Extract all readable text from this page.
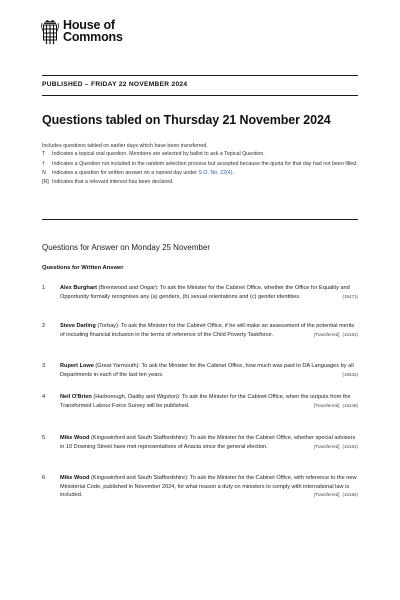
House of
Commons
PUBLISHED – FRIDAY 22 NOVEMBER 2024
Questions tabled on Thursday 21 November 2024
Includes questions tabled on earlier days which have been transferred.
T	Indicates a topical oral question. Members are selected by ballot to ask a Topical Question.
†	Indicates a Question not included in the random selection process but accepted because the quota for that day had not been filled.
N	Indicates a question for written answer on a named day under S.O. No. 22(4).
[R] Indicates that a relevant interest has been declared.
Questions for Answer on Monday 25 November
Questions for Written Answer
1	Alex Burghart (Brentwood and Ongar): To ask the Minister for the Cabinet Office, whether the Office for Equality and Opportunity formally recognises any (a) genders, (b) sexual orientations and (c) gender identities.	(15471)
2	Steve Darling (Torbay): To ask the Minister for the Cabinet Office, if he will make an assessment of the potential merits of including financial inclusion in the terms of reference of the Child Poverty Taskforce.	[Transferred] (15191)
3	Rupert Lowe (Great Yarmouth): To ask the Minister for the Cabinet Office, how much was paid to DA Languages by all Departments in each of the last ten years.	(15632)
4	Neil O'Brien (Harborough, Oadby and Wigston): To ask the Minister for the Cabinet Office, when the outputs from the Transformed Labour Force Survey will be published.	[Transferred] (15248)
5	Mike Wood (Kingswinford and South Staffordshire): To ask the Minister for the Cabinet Office, whether special advisers in 10 Downing Street have met representatives of Anacta since the general election.	[Transferred] (15191)
6	Mike Wood (Kingswinford and South Staffordshire): To ask the Minister for the Cabinet Office, with reference to the new Ministerial Code, published in November 2024, for what reason a duty on ministers to comply with international law is included.	[Transferred] (15192)
